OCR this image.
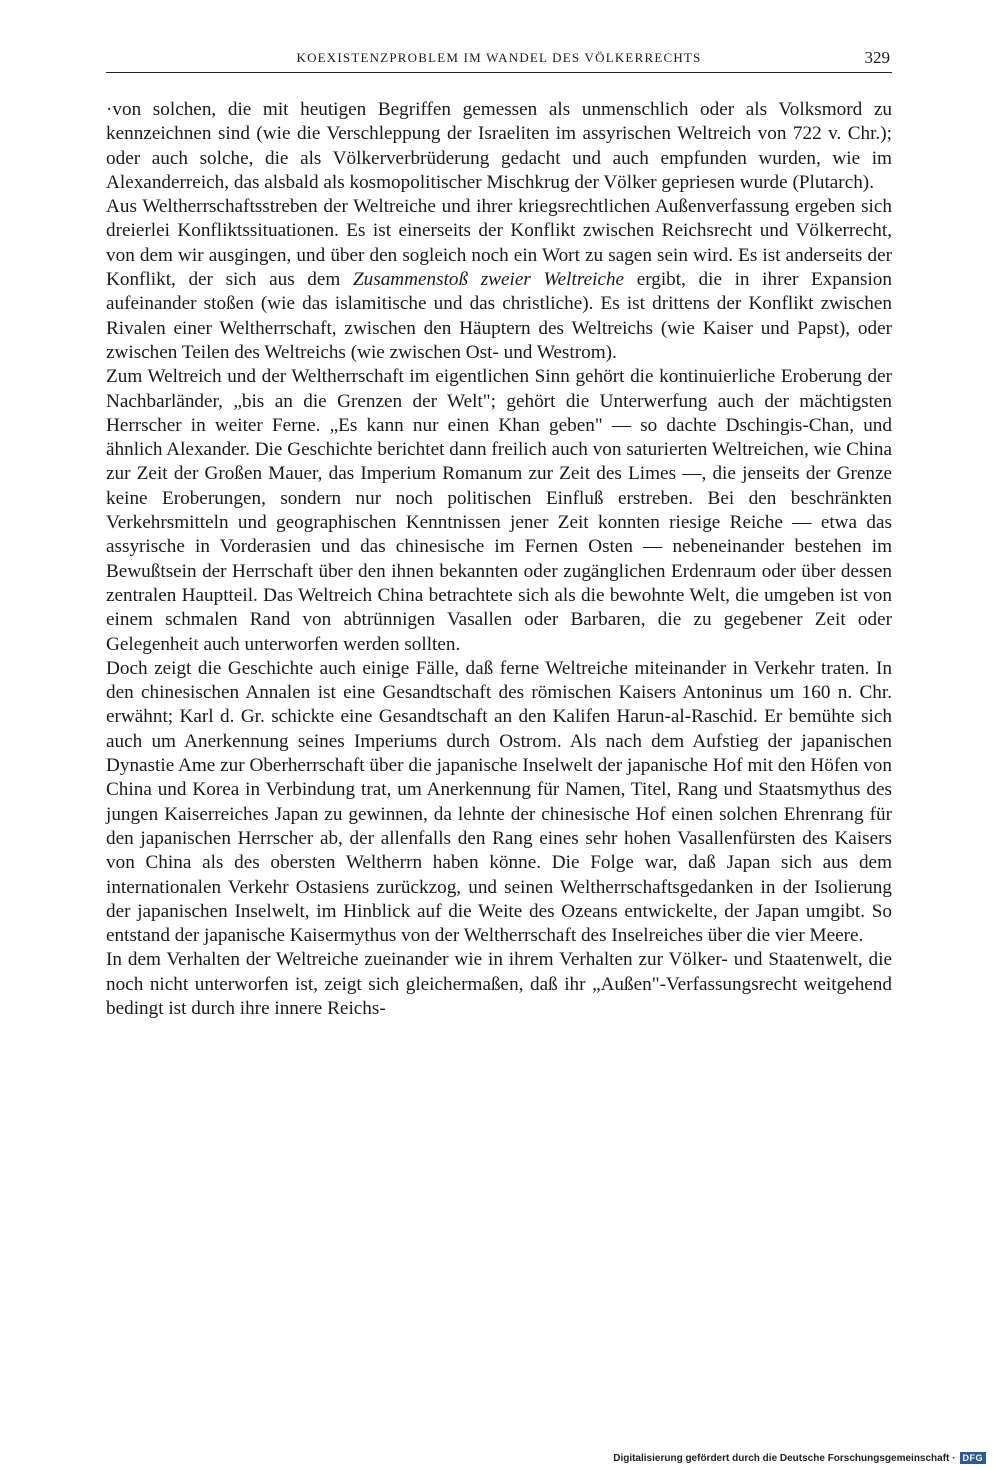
KOEXISTENZPROBLEM IM WANDEL DES VÖLKERRECHTS	329

·von solchen, die mit heutigen Begriffen gemessen als unmenschlich oder als Volksmord zu kennzeichnen sind (wie die Verschleppung der Israeliten im assyrischen Weltreich von 722 v. Chr.); oder auch solche, die als Völkerverbrüderung gedacht und auch empfunden wurden, wie im Alexanderreich, das alsbald als kosmopolitischer Mischkrug der Völker gepriesen wurde (Plutarch).

Aus Weltherrschaftsstreben der Weltreiche und ihrer kriegsrechtlichen Außenverfassung ergeben sich dreierlei Konfliktssituationen. Es ist einerseits der Konflikt zwischen Reichsrecht und Völkerrecht, von dem wir ausgingen, und über den sogleich noch ein Wort zu sagen sein wird. Es ist anderseits der Konflikt, der sich aus dem Zusammenstoß zweier Weltreiche ergibt, die in ihrer Expansion aufeinander stoßen (wie das islamitische und das christliche). Es ist drittens der Konflikt zwischen Rivalen einer Weltherrschaft, zwischen den Häuptern des Weltreichs (wie Kaiser und Papst), oder zwischen Teilen des Weltreichs (wie zwischen Ost- und Westrom).

Zum Weltreich und der Weltherrschaft im eigentlichen Sinn gehört die kontinuierliche Eroberung der Nachbarländer, „bis an die Grenzen der Welt"; gehört die Unterwerfung auch der mächtigsten Herrscher in weiter Ferne. „Es kann nur einen Khan geben" — so dachte Dschingis-Chan, und ähnlich Alexander. Die Geschichte berichtet dann freilich auch von saturierten Weltreichen, wie China zur Zeit der Großen Mauer, das Imperium Romanum zur Zeit des Limes —, die jenseits der Grenze keine Eroberungen, sondern nur noch politischen Einfluß erstreben. Bei den beschränkten Verkehrsmitteln und geographischen Kenntnissen jener Zeit konnten riesige Reiche — etwa das assyrische in Vorderasien und das chinesische im Fernen Osten — nebeneinander bestehen im Bewußtsein der Herrschaft über den ihnen bekannten oder zugänglichen Erdenraum oder über dessen zentralen Hauptteil. Das Weltreich China betrachtete sich als die bewohnte Welt, die umgeben ist von einem schmalen Rand von abtrünnigen Vasallen oder Barbaren, die zu gegebener Zeit oder Gelegenheit auch unterworfen werden sollten.

Doch zeigt die Geschichte auch einige Fälle, daß ferne Weltreiche miteinander in Verkehr traten. In den chinesischen Annalen ist eine Gesandtschaft des römischen Kaisers Antoninus um 160 n. Chr. erwähnt; Karl d. Gr. schickte eine Gesandtschaft an den Kalifen Harun-al-Raschid. Er bemühte sich auch um Anerkennung seines Imperiums durch Ostrom. Als nach dem Aufstieg der japanischen Dynastie Ame zur Oberherrschaft über die japanische Inselwelt der japanische Hof mit den Höfen von China und Korea in Verbindung trat, um Anerkennung für Namen, Titel, Rang und Staatsmythus des jungen Kaiserreiches Japan zu gewinnen, da lehnte der chinesische Hof einen solchen Ehrenrang für den japanischen Herrscher ab, der allenfalls den Rang eines sehr hohen Vasallenfürsten des Kaisers von China als des obersten Weltherrn haben könne. Die Folge war, daß Japan sich aus dem internationalen Verkehr Ostasiens zurückzog, und seinen Weltherrschaftsgedanken in der Isolierung der japanischen Inselwelt, im Hinblick auf die Weite des Ozeans entwickelte, der Japan umgibt. So entstand der japanische Kaisermythus von der Weltherrschaft des Inselreiches über die vier Meere.

In dem Verhalten der Weltreiche zueinander wie in ihrem Verhalten zur Völker- und Staatenwelt, die noch nicht unterworfen ist, zeigt sich gleichermaßen, daß ihr „Außen"-Verfassungsrecht weitgehend bedingt ist durch ihre innere Reichs-

Digitalisierung gefördert durch die Deutsche Forschungsgemeinschaft · DFG
